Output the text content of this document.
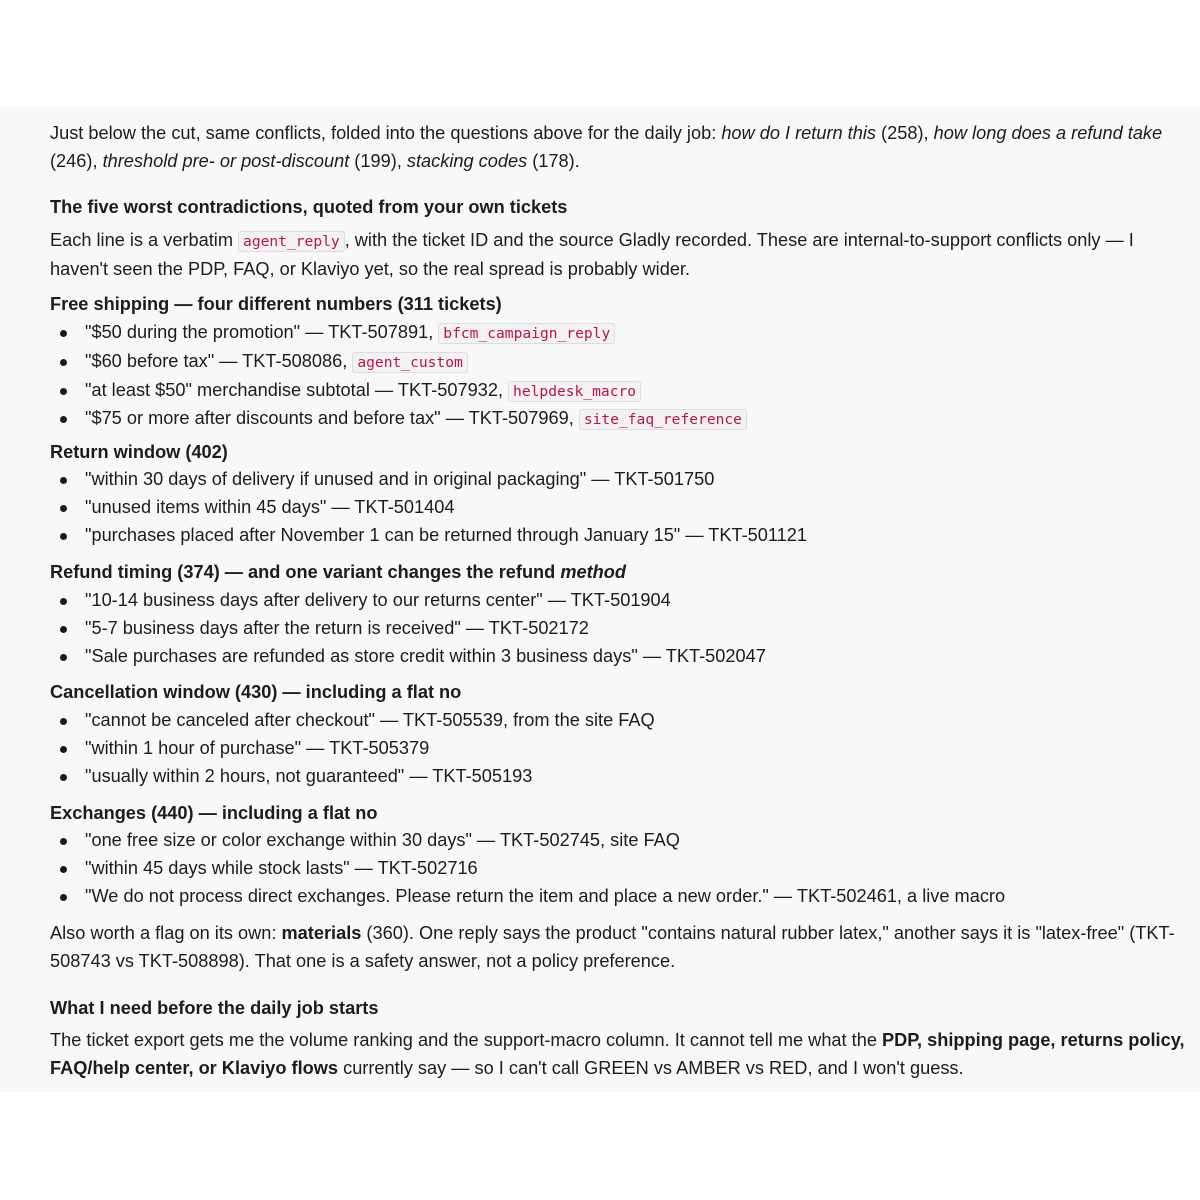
Just below the cut, same conflicts, folded into the questions above for the daily job: how do I return this (258), how long does a refund take (246), threshold pre- or post-discount (199), stacking codes (178).

The five worst contradictions, quoted from your own tickets

Each line is a verbatim agent_reply , with the ticket ID and the source Gladly recorded. These are internal-to-support conflicts only — I haven't seen the PDP, FAQ, or Klaviyo yet, so the real spread is probably wider.

Free shipping — four different numbers (311 tickets)
"$50 during the promotion" — TKT-507891, bfcm_campaign_reply
"$60 before tax" — TKT-508086, agent_custom
"at least $50" merchandise subtotal — TKT-507932, helpdesk_macro
"$75 or more after discounts and before tax" — TKT-507969, site_faq_reference
Return window (402)
"within 30 days of delivery if unused and in original packaging" — TKT-501750
"unused items within 45 days" — TKT-501404
"purchases placed after November 1 can be returned through January 15" — TKT-501121
Refund timing (374) — and one variant changes the refund method
"10-14 business days after delivery to our returns center" — TKT-501904
"5-7 business days after the return is received" — TKT-502172
"Sale purchases are refunded as store credit within 3 business days" — TKT-502047
Cancellation window (430) — including a flat no
"cannot be canceled after checkout" — TKT-505539, from the site FAQ
"within 1 hour of purchase" — TKT-505379
"usually within 2 hours, not guaranteed" — TKT-505193
Exchanges (440) — including a flat no
"one free size or color exchange within 30 days" — TKT-502745, site FAQ
"within 45 days while stock lasts" — TKT-502716
"We do not process direct exchanges. Please return the item and place a new order." — TKT-502461, a live macro

Also worth a flag on its own: materials (360). One reply says the product "contains natural rubber latex," another says it is "latex-free" (TKT-508743 vs TKT-508898). That one is a safety answer, not a policy preference.

What I need before the daily job starts

The ticket export gets me the volume ranking and the support-macro column. It cannot tell me what the PDP, shipping page, returns policy, FAQ/help center, or Klaviyo flows currently say — so I can't call GREEN vs AMBER vs RED, and I won't guess.
